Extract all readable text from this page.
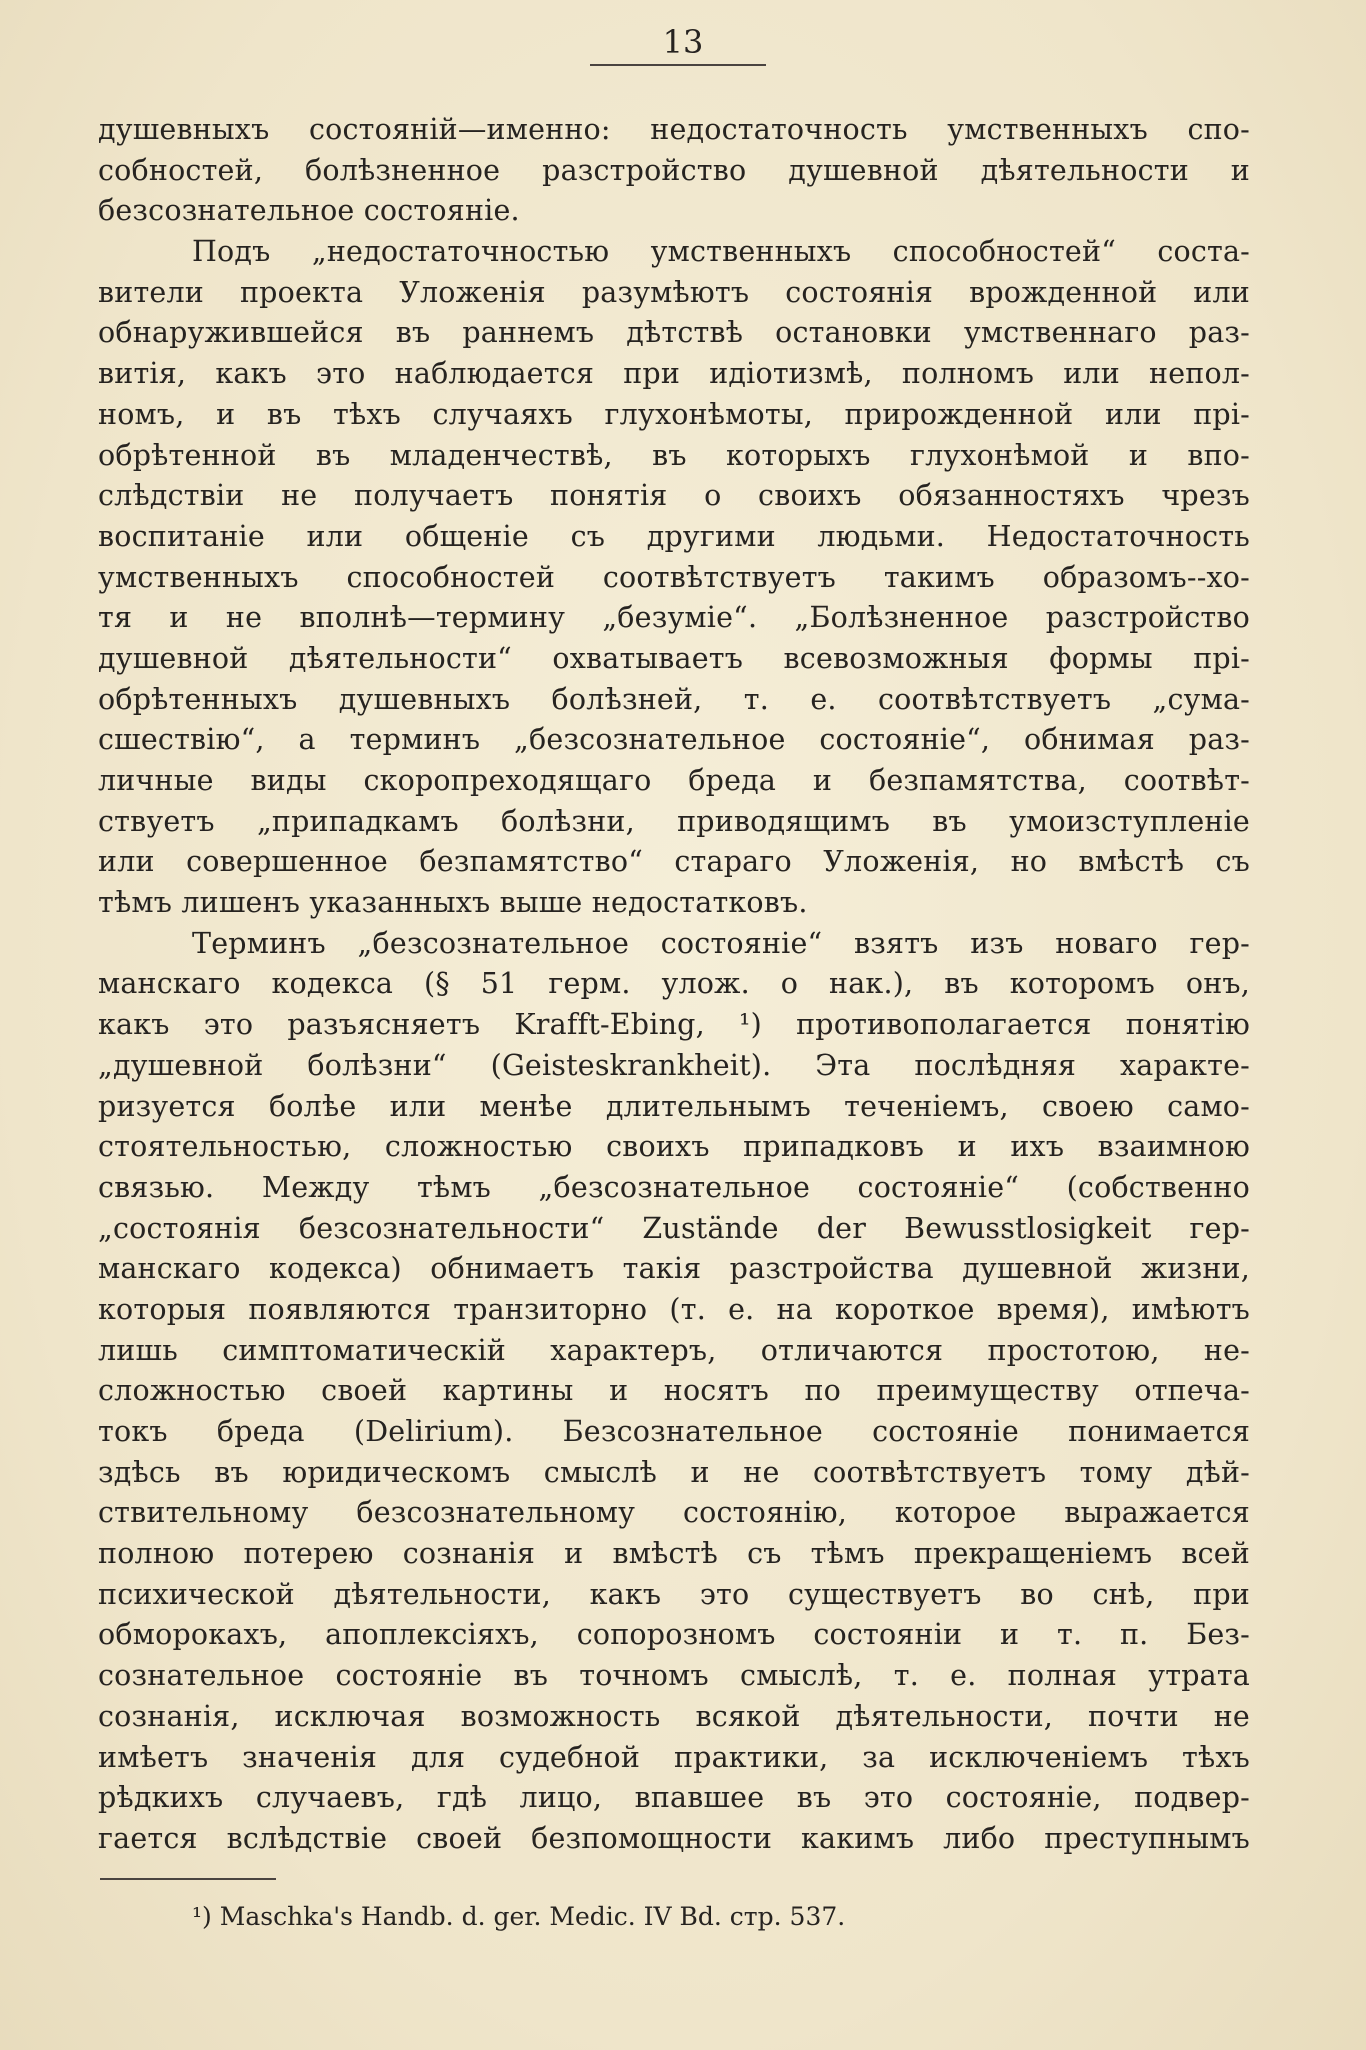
13
душевныхъ состояній—именно: недостаточность умственныхъ спо-
собностей, болѣзненное разстройство душевной дѣятельности и
безсознательное состояніе.
Подъ „недостаточностью умственныхъ способностей“ соста-
вители проекта Уложенія разумѣютъ состоянія врожденной или
обнаружившейся въ раннемъ дѣтствѣ остановки умственнаго раз-
витія, какъ это наблюдается при идіотизмѣ, полномъ или непол-
номъ, и въ тѣхъ случаяхъ глухонѣмоты, прирожденной или прі-
обрѣтенной въ младенчествѣ, въ которыхъ глухонѣмой и впо-
слѣдствіи не получаетъ понятія о своихъ обязанностяхъ чрезъ
воспитаніе или общеніе съ другими людьми. Недостаточность
умственныхъ способностей соотвѣтствуетъ такимъ образомъ--хо-
тя и не вполнѣ—термину „безуміе“. „Болѣзненное разстройство
душевной дѣятельности“ охватываетъ всевозможныя формы прі-
обрѣтенныхъ душевныхъ болѣзней, т. е. соотвѣтствуетъ „сума-
сшествію“, а терминъ „безсознательное состояніе“, обнимая раз-
личные виды скоропреходящаго бреда и безпамятства, соотвѣт-
ствуетъ „припадкамъ болѣзни, приводящимъ въ умоизступленіе
или совершенное безпамятство“ стараго Уложенія, но вмѣстѣ съ
тѣмъ лишенъ указанныхъ выше недостатковъ.
Терминъ „безсознательное состояніе“ взятъ изъ новаго гер-
манскаго кодекса (§ 51 герм. улож. о нак.), въ которомъ онъ,
какъ это разъясняетъ Krafft-Ebing, ¹) противополагается понятію
„душевной болѣзни“ (Geisteskrankheit). Эта послѣдняя характе-
ризуется болѣе или менѣе длительнымъ теченіемъ, своею само-
стоятельностью, сложностью своихъ припадковъ и ихъ взаимною
связью. Между тѣмъ „безсознательное состояніе“ (собственно
„состоянія безсознательности“ Zustände der Bewusstlosigkeit гер-
манскаго кодекса) обнимаетъ такія разстройства душевной жизни,
которыя появляются транзиторно (т. е. на короткое время), имѣютъ
лишь симптоматическій характеръ, отличаются простотою, не-
сложностью своей картины и носятъ по преимуществу отпеча-
токъ бреда (Delirium). Безсознательное состояніе понимается
здѣсь въ юридическомъ смыслѣ и не соотвѣтствуетъ тому дѣй-
ствительному безсознательному состоянію, которое выражается
полною потерею сознанія и вмѣстѣ съ тѣмъ прекращеніемъ всей
психической дѣятельности, какъ это существуетъ во снѣ, при
обморокахъ, апоплексіяхъ, сопорозномъ состояніи и т. п. Без-
сознательное состояніе въ точномъ смыслѣ, т. е. полная утрата
сознанія, исключая возможность всякой дѣятельности, почти не
имѣетъ значенія для судебной практики, за исключеніемъ тѣхъ
рѣдкихъ случаевъ, гдѣ лицо, впавшее въ это состояніе, подвер-
гается вслѣдствіе своей безпомощности какимъ либо преступнымъ
¹) Maschka's Handb. d. ger. Medic. IV Bd. стр. 537.
